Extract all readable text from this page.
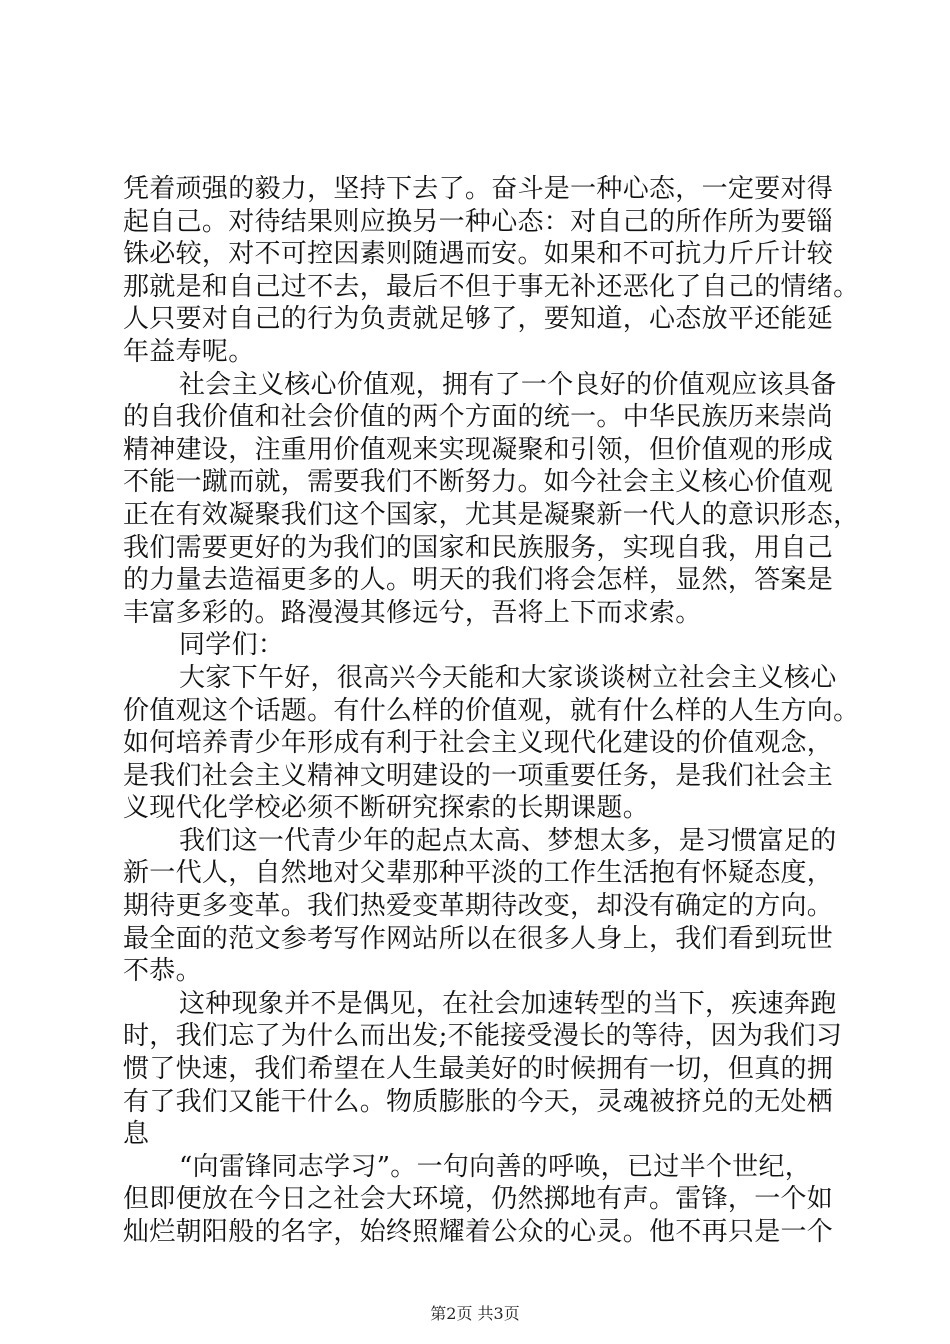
凭着顽强的毅力，坚持下去了。奋斗是一种心态，一定要对得
起自己。对待结果则应换另一种心态：对自己的所作所为要锱
铢必较，对不可控因素则随遇而安。如果和不可抗力斤斤计较
那就是和自己过不去，最后不但于事无补还恶化了自己的情绪。
人只要对自己的行为负责就足够了，要知道，心态放平还能延
年益寿呢。
社会主义核心价值观，拥有了一个良好的价值观应该具备
的自我价值和社会价值的两个方面的统一。中华民族历来崇尚
精神建设，注重用价值观来实现凝聚和引领，但价值观的形成
不能一蹴而就，需要我们不断努力。如今社会主义核心价值观
正在有效凝聚我们这个国家，尤其是凝聚新一代人的意识形态，
我们需要更好的为我们的国家和民族服务，实现自我，用自己
的力量去造福更多的人。明天的我们将会怎样，显然，答案是
丰富多彩的。路漫漫其修远兮，吾将上下而求索。
同学们：
大家下午好，很高兴今天能和大家谈谈树立社会主义核心
价值观这个话题。有什么样的价值观，就有什么样的人生方向。
如何培养青少年形成有利于社会主义现代化建设的价值观念，
是我们社会主义精神文明建设的一项重要任务，是我们社会主
义现代化学校必须不断研究探索的长期课题。
我们这一代青少年的起点太高、梦想太多，是习惯富足的
新一代人，自然地对父辈那种平淡的工作生活抱有怀疑态度，
期待更多变革。我们热爱变革期待改变，却没有确定的方向。
最全面的范文参考写作网站所以在很多人身上，我们看到玩世
不恭。
这种现象并不是偶见，在社会加速转型的当下，疾速奔跑
时，我们忘了为什么而出发;不能接受漫长的等待，因为我们习
惯了快速，我们希望在人生最美好的时候拥有一切，但真的拥
有了我们又能干什么。物质膨胀的今天，灵魂被挤兑的无处栖
息
“向雷锋同志学习”。一句向善的呼唤，已过半个世纪，
但即便放在今日之社会大环境，仍然掷地有声。雷锋，一个如
灿烂朝阳般的名字，始终照耀着公众的心灵。他不再只是一个
第2页 共3页
